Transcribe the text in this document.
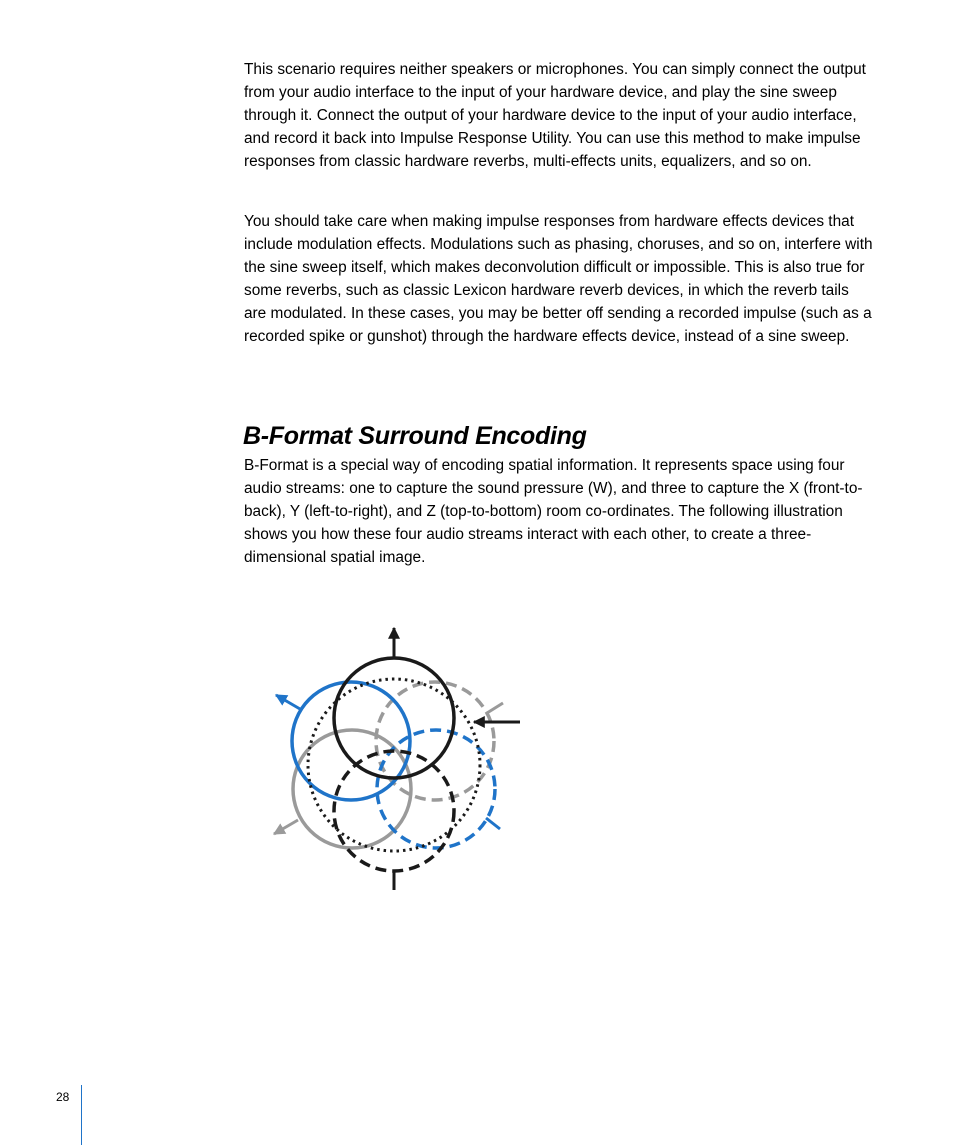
This scenario requires neither speakers or microphones. You can simply connect the output from your audio interface to the input of your hardware device, and play the sine sweep through it. Connect the output of your hardware device to the input of your audio interface, and record it back into Impulse Response Utility. You can use this method to make impulse responses from classic hardware reverbs, multi-effects units, equalizers, and so on.

You should take care when making impulse responses from hardware effects devices that include modulation effects. Modulations such as phasing, choruses, and so on, interfere with the sine sweep itself, which makes deconvolution difficult or impossible. This is also true for some reverbs, such as classic Lexicon hardware reverb devices, in which the reverb tails are modulated. In these cases, you may be better off sending a recorded impulse (such as a recorded spike or gunshot) through the hardware effects device, instead of a sine sweep.

B-Format Surround Encoding

B-Format is a special way of encoding spatial information. It represents space using four audio streams: one to capture the sound pressure (W), and three to capture the X (front-to-back), Y (left-to-right), and Z (top-to-bottom) room co-ordinates. The following illustration shows you how these four audio streams interact with each other, to create a three-dimensional spatial image.

28
